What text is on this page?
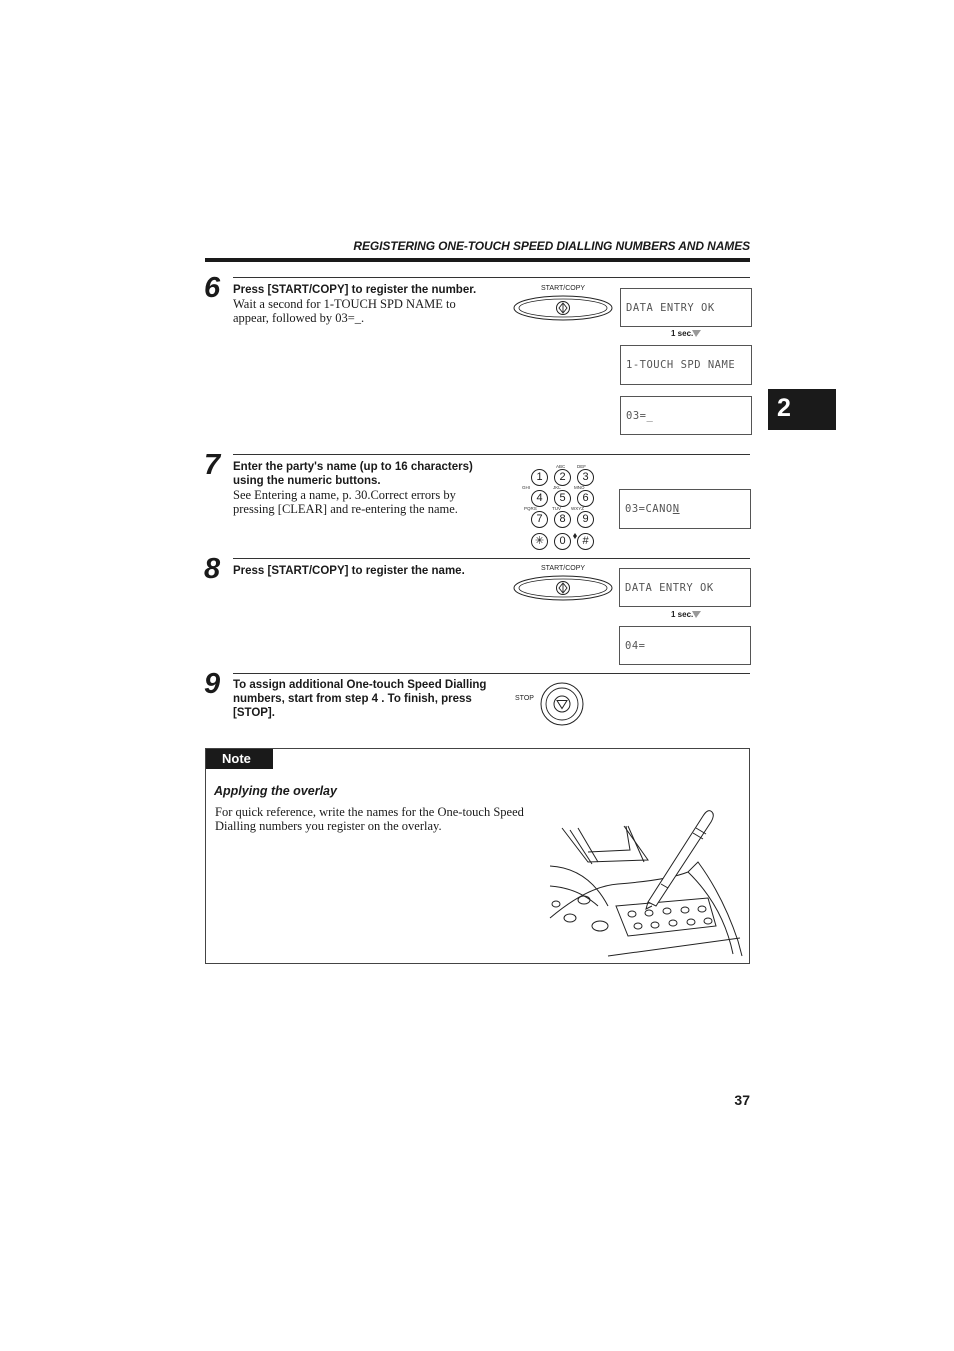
REGISTERING ONE-TOUCH SPEED DIALLING NUMBERS AND NAMES
2
6 Press [START/COPY] to register the number.
Wait a second for 1-TOUCH SPD NAME to
appear, followed by 03=_.
START/COPY
DATA ENTRY OK
1 sec.
1-TOUCH SPD NAME
03=_
7 Enter the party's name (up to 16 characters)
using the numeric buttons.
See Entering a name, p. 30.Correct errors by
pressing [CLEAR] and re-entering the name.
1	2	3
4	5	6
7	8	9
✳	0	#
ABC	DEF
GHI	JKL	MNO
PQRS	TUV WXYZ	03=CANON
8 Press [START/COPY] to register the name.	START/COPY
DATA ENTRY OK
1 sec.
04=
9 To assign additional One-touch Speed Dialling
numbers, start from step 4 . To finish, press
[STOP].
STOP
Note
Applying the overlay
For quick reference, write the names for the One-touch Speed
Dialling numbers you register on the overlay.
37
